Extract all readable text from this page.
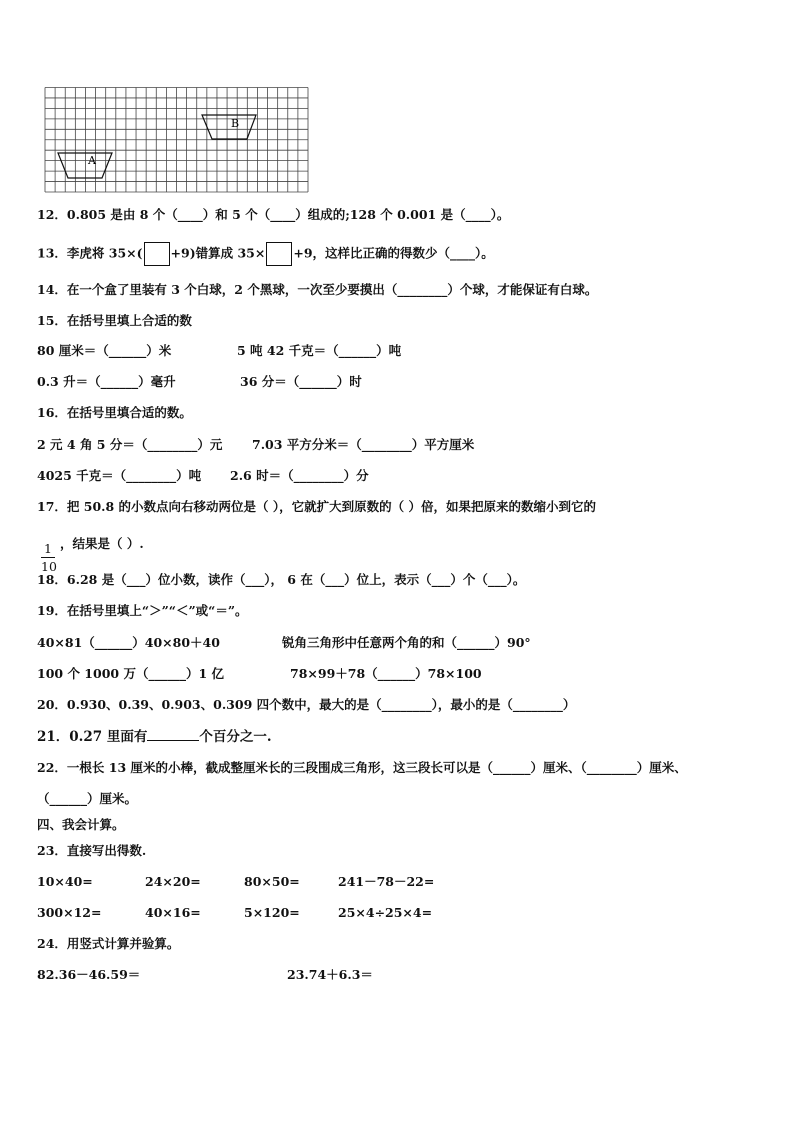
B
A
12．0.805 是由 8 个（____）和 5 个（____）组成的;128 个 0.001 是（____）。
13．李虎将 35×( +9)错算成 35× +9，这样比正确的得数少（____）。
14．在一个盒了里装有 3 个白球，2 个黑球，一次至少要摸出（________）个球，才能保证有白球。
15．在括号里填上合适的数
80 厘米＝（______）米	5 吨 42 千克＝（______）吨
0.3 升＝（______）毫升	36 分＝（______）时
16．在括号里填合适的数。
2 元 4 角 5 分＝（________）元 7.03 平方分米＝（________）平方厘米
4025 千克＝（________）吨 2.6 时＝（________）分
17．把 50.8 的小数点向右移动两位是（ ），它就扩大到原数的（ ）倍，如果把原来的数缩小到它的
$\frac{1}{10}$ ，结果是（ ）.
18．6.28 是（___）位小数，读作（___）， 6 在（___）位上，表示（___）个（___）。
19．在括号里填上“＞”“＜”或“＝”。
40×81（______）40×80＋40	锐角三角形中任意两个角的和（______）90°
100 个 1000 万（______）1 亿	78×99＋78（______）78×100
20．0.930、0.39、0.903、0.309 四个数中，最大的是（________），最小的是（________）
21．0.27 里面有	个百分之一.
22．一根长 13 厘米的小棒，截成整厘米长的三段围成三角形，这三段长可以是（______）厘米、（________）厘米、
（______）厘米。
四、我会计算。
23．直接写出得数.
10×40=	24×20=	80×50=	241－78－22=
300×12=	40×16=	5×120=	25×4÷25×4=
24．用竖式计算并验算。
82.36－46.59＝	23.74＋6.3＝
